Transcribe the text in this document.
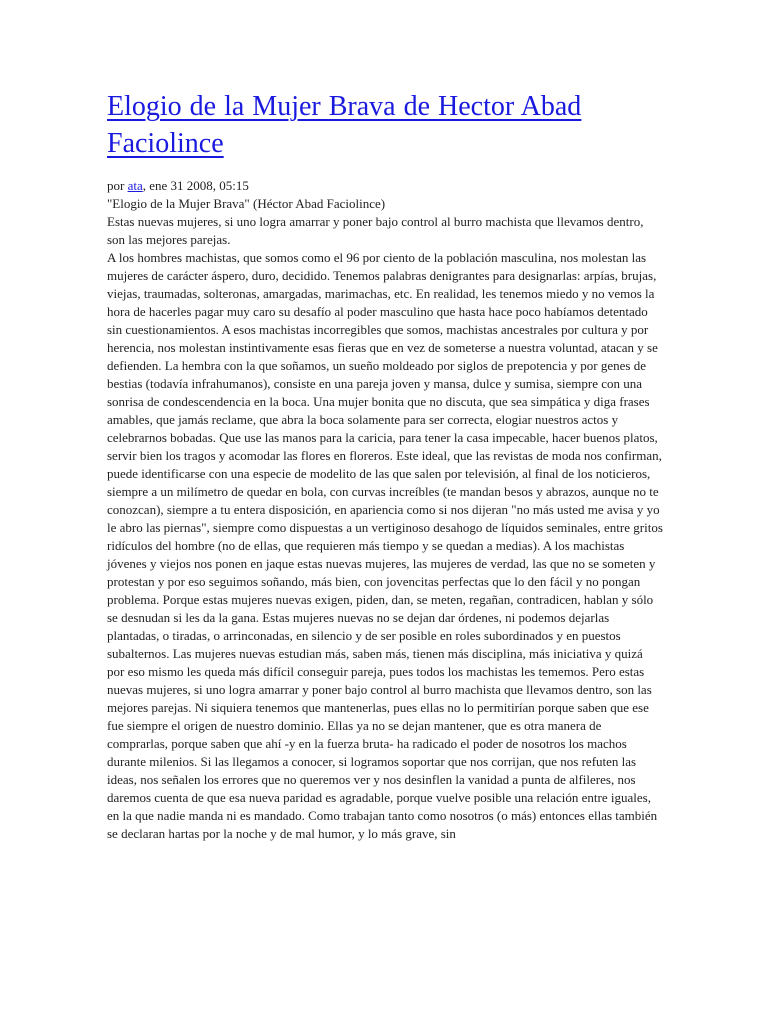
Elogio de la Mujer Brava de Hector Abad Faciolince
por ata, ene 31 2008, 05:15

"Elogio de la Mujer Brava" (Héctor Abad Faciolince)

Estas nuevas mujeres, si uno logra amarrar y poner bajo control al burro machista que llevamos dentro, son las mejores parejas.

A los hombres machistas, que somos como el 96 por ciento de la población masculina, nos molestan las mujeres de carácter áspero, duro, decidido. Tenemos palabras denigrantes para designarlas: arpías, brujas, viejas, traumadas, solteronas, amargadas, marimachas, etc. En realidad, les tenemos miedo y no vemos la hora de hacerles pagar muy caro su desafío al poder masculino que hasta hace poco habíamos detentado sin cuestionamientos. A esos machistas incorregibles que somos, machistas ancestrales por cultura y por herencia, nos molestan instintivamente esas fieras que en vez de someterse a nuestra voluntad, atacan y se defienden. La hembra con la que soñamos, un sueño moldeado por siglos de prepotencia y por genes de bestias (todavía infrahumanos), consiste en una pareja joven y mansa, dulce y sumisa, siempre con una sonrisa de condescendencia en la boca. Una mujer bonita que no discuta, que sea simpática y diga frases amables, que jamás reclame, que abra la boca solamente para ser correcta, elogiar nuestros actos y celebrarnos bobadas. Que use las manos para la caricia, para tener la casa impecable, hacer buenos platos, servir bien los tragos y acomodar las flores en floreros. Este ideal, que las revistas de moda nos confirman, puede identificarse con una especie de modelito de las que salen por televisión, al final de los noticieros, siempre a un milímetro de quedar en bola, con curvas increíbles (te mandan besos y abrazos, aunque no te conozcan), siempre a tu entera disposición, en apariencia como si nos dijeran "no más usted me avisa y yo le abro las piernas", siempre como dispuestas a un vertiginoso desahogo de líquidos seminales, entre gritos ridículos del hombre (no de ellas, que requieren más tiempo y se quedan a medias). A los machistas jóvenes y viejos nos ponen en jaque estas nuevas mujeres, las mujeres de verdad, las que no se someten y protestan y por eso seguimos soñando, más bien, con jovencitas perfectas que lo den fácil y no pongan problema. Porque estas mujeres nuevas exigen, piden, dan, se meten, regañan, contradicen, hablan y sólo se desnudan si les da la gana. Estas mujeres nuevas no se dejan dar órdenes, ni podemos dejarlas plantadas, o tiradas, o arrinconadas, en silencio y de ser posible en roles subordinados y en puestos subalternos. Las mujeres nuevas estudian más, saben más, tienen más disciplina, más iniciativa y quizá por eso mismo les queda más difícil conseguir pareja, pues todos los machistas les tememos. Pero estas nuevas mujeres, si uno logra amarrar y poner bajo control al burro machista que llevamos dentro, son las mejores parejas. Ni siquiera tenemos que mantenerlas, pues ellas no lo permitirían porque saben que ese fue siempre el origen de nuestro dominio. Ellas ya no se dejan mantener, que es otra manera de comprarlas, porque saben que ahí -y en la fuerza bruta- ha radicado el poder de nosotros los machos durante milenios. Si las llegamos a conocer, si logramos soportar que nos corrijan, que nos refuten las ideas, nos señalen los errores que no queremos ver y nos desinflen la vanidad a punta de alfileres, nos daremos cuenta de que esa nueva paridad es agradable, porque vuelve posible una relación entre iguales, en la que nadie manda ni es mandado. Como trabajan tanto como nosotros (o más) entonces ellas también se declaran hartas por la noche y de mal humor, y lo más grave, sin
